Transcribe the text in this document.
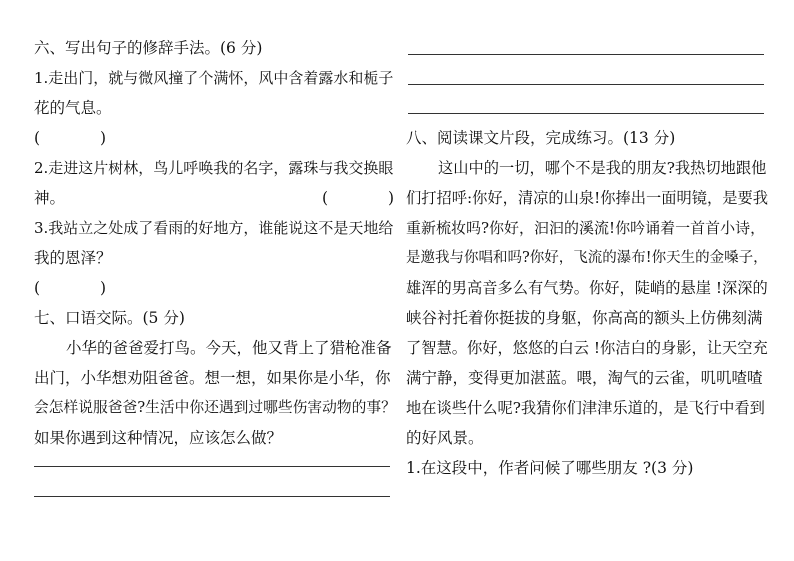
六、写出句子的修辞手法。(6 分)
1.走出门，就与微风撞了个满怀，风中含着露水和栀子
花的气息。
2.走进这片树林，鸟儿呼唤我的名字，露珠与我交换眼
神。
3.我站立之处成了看雨的好地方，谁能说这不是天地给
我的恩泽？
七、口语交际。(5 分)
小华的爸爸爱打鸟。今天，他又背上了猎枪准备
出门，小华想劝阻爸爸。想一想，如果你是小华，你
会怎样说服爸爸?生活中你还遇到过哪些伤害动物的事？
如果你遇到这种情况，应该怎么做？
(	)
(	)
(	)
八、阅读课文片段，完成练习。(13 分)
这山中的一切，哪个不是我的朋友?我热切地跟他
们打招呼:你好，清凉的山泉!你捧出一面明镜，是要我
重新梳妆吗?你好，汩汩的溪流!你吟诵着一首首小诗，
是邀我与你唱和吗?你好，飞流的瀑布!你天生的金嗓子，
雄浑的男高音多么有气势。你好，陡峭的悬崖 !深深的
峡谷衬托着你挺拔的身躯，你高高的额头上仿佛刻满
了智慧。你好，悠悠的白云 !你洁白的身影，让天空充
满宁静，变得更加湛蓝。喂，淘气的云雀，叽叽喳喳
地在谈些什么呢?我猜你们津津乐道的，是飞行中看到
的好风景。
1.在这段中，作者问候了哪些朋友 ?(3 分)
